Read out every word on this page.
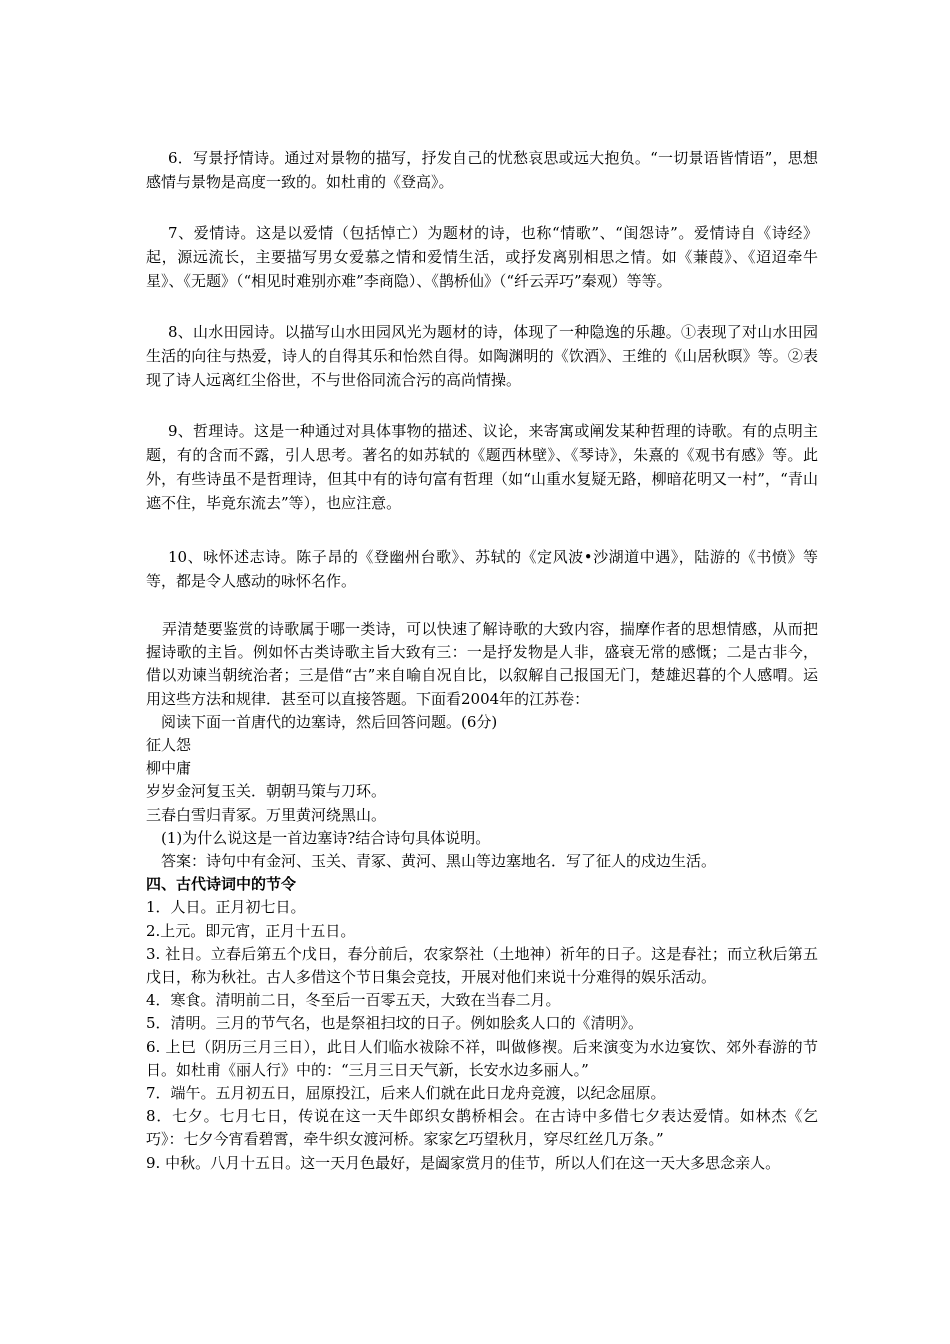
6．写景抒情诗。通过对景物的描写，抒发自己的忧愁哀思或远大抱负。“一切景语皆情语”，思想感情与景物是高度一致的。如杜甫的《登高》。

7、爱情诗。这是以爱情（包括悼亡）为题材的诗，也称“情歌”、“闺怨诗”。爱情诗自《诗经》起，源远流长，主要描写男女爱慕之情和爱情生活，或抒发离别相思之情。如《蒹葭》、《迢迢牵牛星》、《无题》（“相见时难别亦难”李商隐）、《鹊桥仙》（“纤云弄巧”秦观）等等。

8、山水田园诗。以描写山水田园风光为题材的诗，体现了一种隐逸的乐趣。①表现了对山水田园生活的向往与热爱，诗人的自得其乐和怡然自得。如陶渊明的《饮酒》、王维的《山居秋暝》等。②表现了诗人远离红尘俗世，不与世俗同流合污的高尚情操。

9、哲理诗。这是一种通过对具体事物的描述、议论，来寄寓或阐发某种哲理的诗歌。有的点明主题，有的含而不露，引人思考。著名的如苏轼的《题西林壁》、《琴诗》，朱熹的《观书有感》等。此外，有些诗虽不是哲理诗，但其中有的诗句富有哲理（如“山重水复疑无路，柳暗花明又一村”，“青山遮不住，毕竟东流去”等），也应注意。

10、咏怀述志诗。陈子昂的《登幽州台歌》、苏轼的《定风波•沙湖道中遇》，陆游的《书愤》等等，都是令人感动的咏怀名作。

弄清楚要鉴赏的诗歌属于哪一类诗，可以快速了解诗歌的大致内容，揣摩作者的思想情感，从而把握诗歌的主旨。例如怀古类诗歌主旨大致有三：一是抒发物是人非，盛衰无常的感慨；二是古非今，借以劝谏当朝统治者；三是借“古”来自喻自况自比，以叙解自己报国无门，楚雄迟暮的个人感喟。运用这些方法和规律．甚至可以直接答题。下面看2004年的江苏卷：

阅读下面一首唐代的边塞诗，然后回答问题。(6分)

征人怨

柳中庸

岁岁金河复玉关．朝朝马策与刀环。

三春白雪归青冢。万里黄河绕黑山。

(1)为什么说这是一首边塞诗?结合诗句具体说明。

答案：诗句中有金河、玉关、青冢、黄河、黑山等边塞地名．写了征人的戍边生活。

四、古代诗词中的节令

1．人日。正月初七日。

2.上元。即元宵，正月十五日。

3. 社日。立春后第五个戊日，春分前后，农家祭社（土地神）祈年的日子。这是春社；而立秋后第五戊日，称为秋社。古人多借这个节日集会竞技，开展对他们来说十分难得的娱乐活动。

4．寒食。清明前二日，冬至后一百零五天，大致在当春二月。

5．清明。三月的节气名，也是祭祖扫坟的日子。例如脍炙人口的《清明》。

6. 上巳（阴历三月三日），此日人们临水祓除不祥，叫做修禊。后来演变为水边宴饮、郊外春游的节日。如杜甫《丽人行》中的：“三月三日天气新，长安水边多丽人。”

7．端午。五月初五日，屈原投江，后来人们就在此日龙舟竞渡，以纪念屈原。

8．七夕。七月七日，传说在这一天牛郎织女鹊桥相会。在古诗中多借七夕表达爱情。如林杰《乞巧》：七夕今宵看碧霄，牵牛织女渡河桥。家家乞巧望秋月，穿尽红丝几万条。”

9. 中秋。八月十五日。这一天月色最好，是阖家赏月的佳节，所以人们在这一天大多思念亲人。
